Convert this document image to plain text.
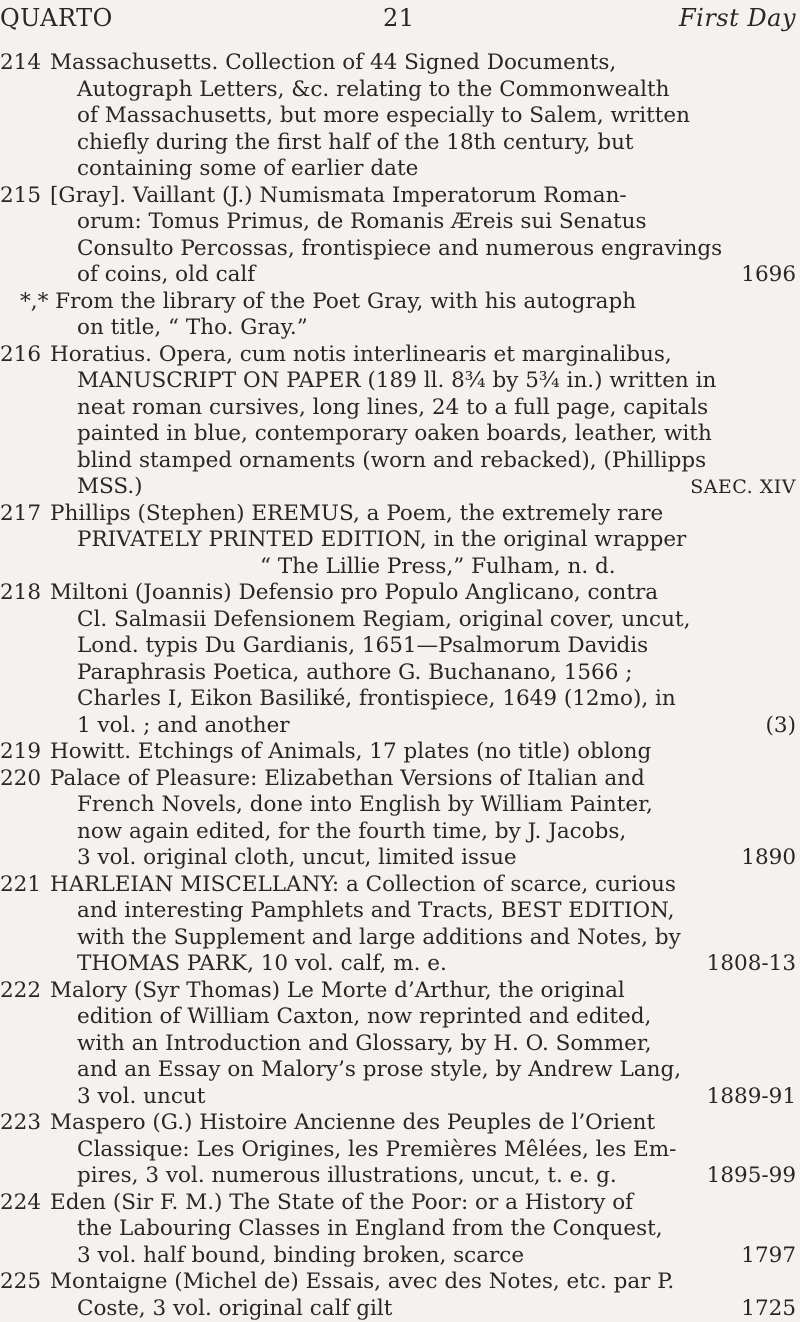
QUARTO	21	First Day
214 Massachusetts. Collection of 44 Signed Documents,
Autograph Letters, &c. relating to the Commonwealth
of Massachusetts, but more especially to Salem, written
chiefly during the first half of the 18th century, but
containing some of earlier date
215 [Gray]. Vaillant (J.) Numismata Imperatorum Roman-
orum: Tomus Primus, de Romanis Æreis sui Senatus
Consulto Percossas, frontispiece and numerous engravings
of coins, old calf	1696
*,* From the library of the Poet Gray, with his autograph
on title, “ Tho. Gray.”
216 Horatius. Opera, cum notis interlinearis et marginalibus,
MANUSCRIPT ON PAPER (189 ll. 8¾ by 5¾ in.) written in
neat roman cursives, long lines, 24 to a full page, capitals
painted in blue, contemporary oaken boards, leather, with
blind stamped ornaments (worn and rebacked), (Phillipps
MSS.)	SAEC. XIV
217 Phillips (Stephen) EREMUS, a Poem, the extremely rare
PRIVATELY PRINTED EDITION, in the original wrapper
“ The Lillie Press,” Fulham, n. d.
218 Miltoni (Joannis) Defensio pro Populo Anglicano, contra
Cl. Salmasii Defensionem Regiam, original cover, uncut,
Lond. typis Du Gardianis, 1651—Psalmorum Davidis
Paraphrasis Poetica, authore G. Buchanano, 1566 ;
Charles I, Eikon Basiliké, frontispiece, 1649 (12mo), in
1 vol. ; and another	(3)
219 Howitt. Etchings of Animals, 17 plates (no title) oblong
220 Palace of Pleasure: Elizabethan Versions of Italian and
French Novels, done into English by William Painter,
now again edited, for the fourth time, by J. Jacobs,
3 vol. original cloth, uncut, limited issue	1890
221 HARLEIAN MISCELLANY: a Collection of scarce, curious
and interesting Pamphlets and Tracts, BEST EDITION,
with the Supplement and large additions and Notes, by
THOMAS PARK, 10 vol. calf, m. e.	1808-13
222 Malory (Syr Thomas) Le Morte d’Arthur, the original
edition of William Caxton, now reprinted and edited,
with an Introduction and Glossary, by H. O. Sommer,
and an Essay on Malory’s prose style, by Andrew Lang,
3 vol. uncut	1889-91
223 Maspero (G.) Histoire Ancienne des Peuples de l’Orient
Classique: Les Origines, les Premières Mêlées, les Em-
pires, 3 vol. numerous illustrations, uncut, t. e. g.	1895-99
224 Eden (Sir F. M.) The State of the Poor: or a History of
the Labouring Classes in England from the Conquest,
3 vol. half bound, binding broken, scarce	1797
225 Montaigne (Michel de) Essais, avec des Notes, etc. par P.
Coste, 3 vol. original calf gilt	1725
